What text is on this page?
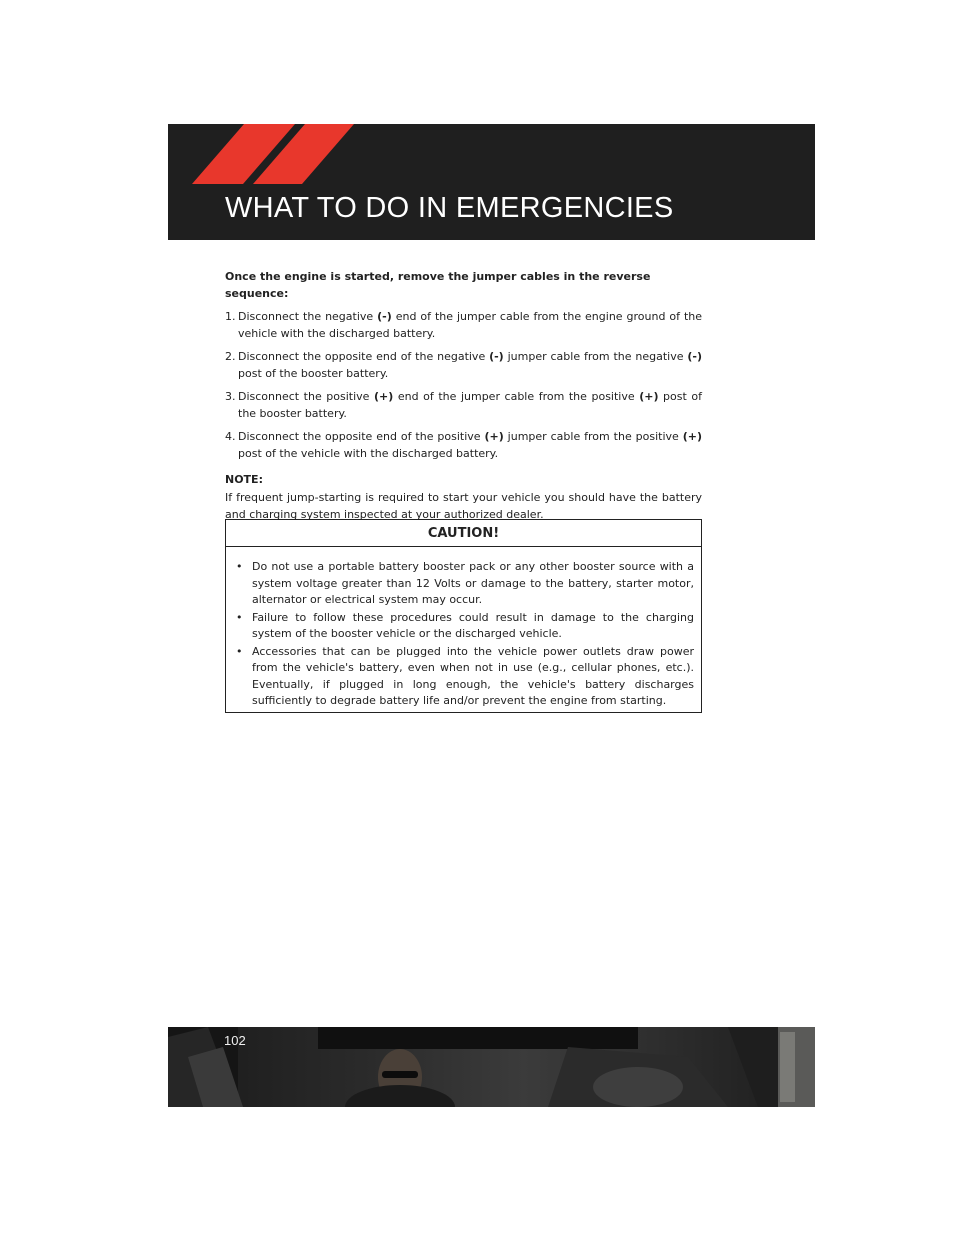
WHAT TO DO IN EMERGENCIES

Once the engine is started, remove the jumper cables in the reverse sequence:

1. Disconnect the negative (-) end of the jumper cable from the engine ground of the vehicle with the discharged battery.
2. Disconnect the opposite end of the negative (-) jumper cable from the negative (-) post of the booster battery.
3. Disconnect the positive (+) end of the jumper cable from the positive (+) post of the booster battery.
4. Disconnect the opposite end of the positive (+) jumper cable from the positive (+) post of the vehicle with the discharged battery.

NOTE:

If frequent jump-starting is required to start your vehicle you should have the battery and charging system inspected at your authorized dealer.

CAUTION!
• Do not use a portable battery booster pack or any other booster source with a system voltage greater than 12 Volts or damage to the battery, starter motor, alternator or electrical system may occur.
• Failure to follow these procedures could result in damage to the charging system of the booster vehicle or the discharged vehicle.
• Accessories that can be plugged into the vehicle power outlets draw power from the vehicle's battery, even when not in use (e.g., cellular phones, etc.). Eventually, if plugged in long enough, the vehicle's battery discharges sufficiently to degrade battery life and/or prevent the engine from starting.
102
